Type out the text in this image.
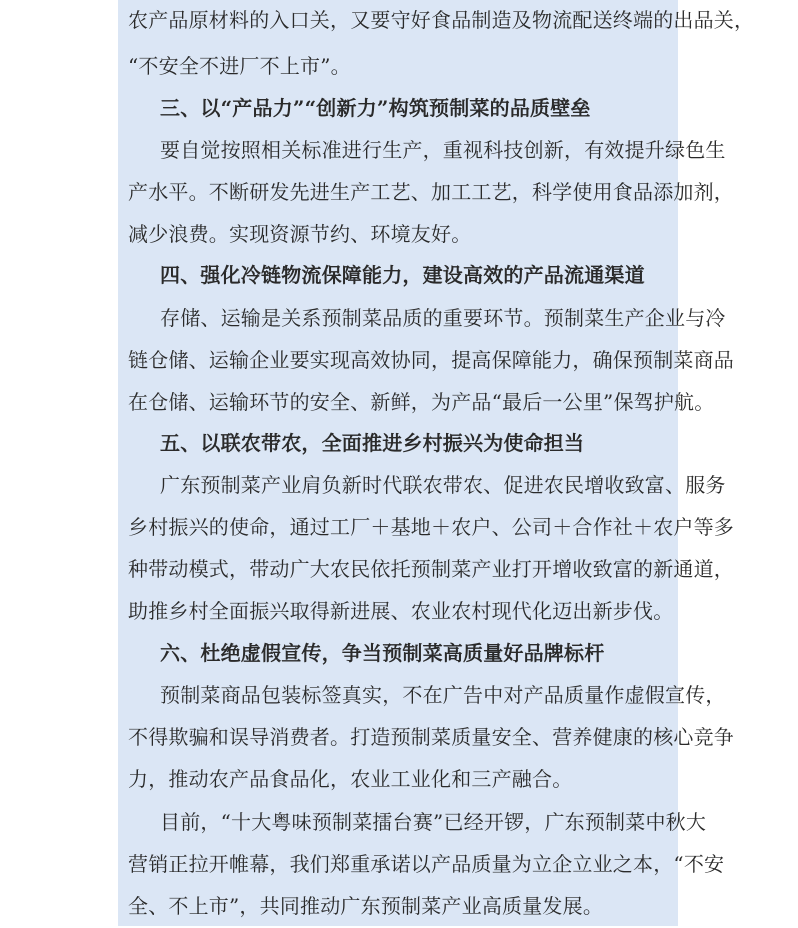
农产品原材料的入口关，又要守好食品制造及物流配送终端的出品关，
“不安全不进厂不上市”。
三、以“产品力”“创新力”构筑预制菜的品质壁垒
要自觉按照相关标准进行生产，重视科技创新，有效提升绿色生
产水平。不断研发先进生产工艺、加工工艺，科学使用食品添加剂，
减少浪费。实现资源节约、环境友好。
四、强化冷链物流保障能力，建设高效的产品流通渠道
存储、运输是关系预制菜品质的重要环节。预制菜生产企业与冷
链仓储、运输企业要实现高效协同，提高保障能力，确保预制菜商品
在仓储、运输环节的安全、新鲜，为产品“最后一公里”保驾护航。
五、以联农带农，全面推进乡村振兴为使命担当
广东预制菜产业肩负新时代联农带农、促进农民增收致富、服务
乡村振兴的使命，通过工厂＋基地＋农户、公司＋合作社＋农户等多
种带动模式，带动广大农民依托预制菜产业打开增收致富的新通道，
助推乡村全面振兴取得新进展、农业农村现代化迈出新步伐。
六、杜绝虚假宣传，争当预制菜高质量好品牌标杆
预制菜商品包装标签真实，不在广告中对产品质量作虚假宣传，
不得欺骗和误导消费者。打造预制菜质量安全、营养健康的核心竞争
力，推动农产品食品化，农业工业化和三产融合。
目前，“十大粤味预制菜擂台赛”已经开锣，广东预制菜中秋大
营销正拉开帷幕，我们郑重承诺以产品质量为立企立业之本，“不安
全、不上市”，共同推动广东预制菜产业高质量发展。
